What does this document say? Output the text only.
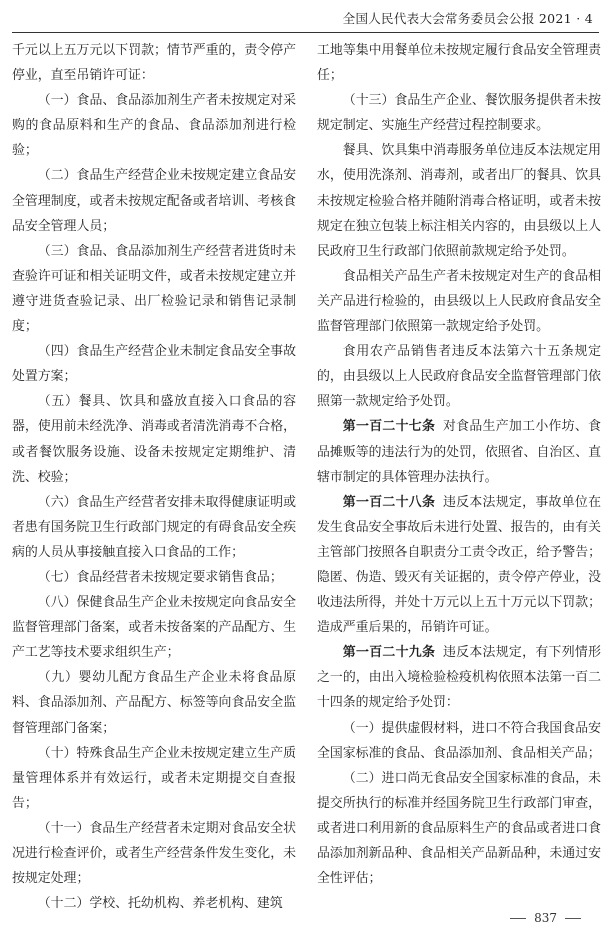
全国人民代表大会常务委员会公报 2021 · 4

千元以上五万元以下罚款；情节严重的，责令停产停业，直至吊销许可证：

（一）食品、食品添加剂生产者未按规定对采购的食品原料和生产的食品、食品添加剂进行检验；

（二）食品生产经营企业未按规定建立食品安全管理制度，或者未按规定配备或者培训、考核食品安全管理人员；

（三）食品、食品添加剂生产经营者进货时未查验许可证和相关证明文件，或者未按规定建立并遵守进货查验记录、出厂检验记录和销售记录制度；

（四）食品生产经营企业未制定食品安全事故处置方案；

（五）餐具、饮具和盛放直接入口食品的容器，使用前未经洗净、消毒或者清洗消毒不合格，或者餐饮服务设施、设备未按规定定期维护、清洗、校验；

（六）食品生产经营者安排未取得健康证明或者患有国务院卫生行政部门规定的有碍食品安全疾病的人员从事接触直接入口食品的工作；

（七）食品经营者未按规定要求销售食品；

（八）保健食品生产企业未按规定向食品安全监督管理部门备案，或者未按备案的产品配方、生产工艺等技术要求组织生产；

（九）婴幼儿配方食品生产企业未将食品原料、食品添加剂、产品配方、标签等向食品安全监督管理部门备案；

（十）特殊食品生产企业未按规定建立生产质量管理体系并有效运行，或者未定期提交自查报告；

（十一）食品生产经营者未定期对食品安全状况进行检查评价，或者生产经营条件发生变化，未按规定处理；

（十二）学校、托幼机构、养老机构、建筑

工地等集中用餐单位未按规定履行食品安全管理责任；

（十三）食品生产企业、餐饮服务提供者未按规定制定、实施生产经营过程控制要求。

餐具、饮具集中消毒服务单位违反本法规定用水，使用洗涤剂、消毒剂，或者出厂的餐具、饮具未按规定检验合格并随附消毒合格证明，或者未按规定在独立包装上标注相关内容的，由县级以上人民政府卫生行政部门依照前款规定给予处罚。

食品相关产品生产者未按规定对生产的食品相关产品进行检验的，由县级以上人民政府食品安全监督管理部门依照第一款规定给予处罚。

食用农产品销售者违反本法第六十五条规定的，由县级以上人民政府食品安全监督管理部门依照第一款规定给予处罚。

第一百二十七条 对食品生产加工小作坊、食品摊贩等的违法行为的处罚，依照省、自治区、直辖市制定的具体管理办法执行。

第一百二十八条 违反本法规定，事故单位在发生食品安全事故后未进行处置、报告的，由有关主管部门按照各自职责分工责令改正，给予警告；隐匿、伪造、毁灭有关证据的，责令停产停业，没收违法所得，并处十万元以上五十万元以下罚款；造成严重后果的，吊销许可证。

第一百二十九条 违反本法规定，有下列情形之一的，由出入境检验检疫机构依照本法第一百二十四条的规定给予处罚：

（一）提供虚假材料，进口不符合我国食品安全国家标准的食品、食品添加剂、食品相关产品；

（二）进口尚无食品安全国家标准的食品，未提交所执行的标准并经国务院卫生行政部门审查，或者进口利用新的食品原料生产的食品或者进口食品添加剂新品种、食品相关产品新品种，未通过安全性评估；

837
